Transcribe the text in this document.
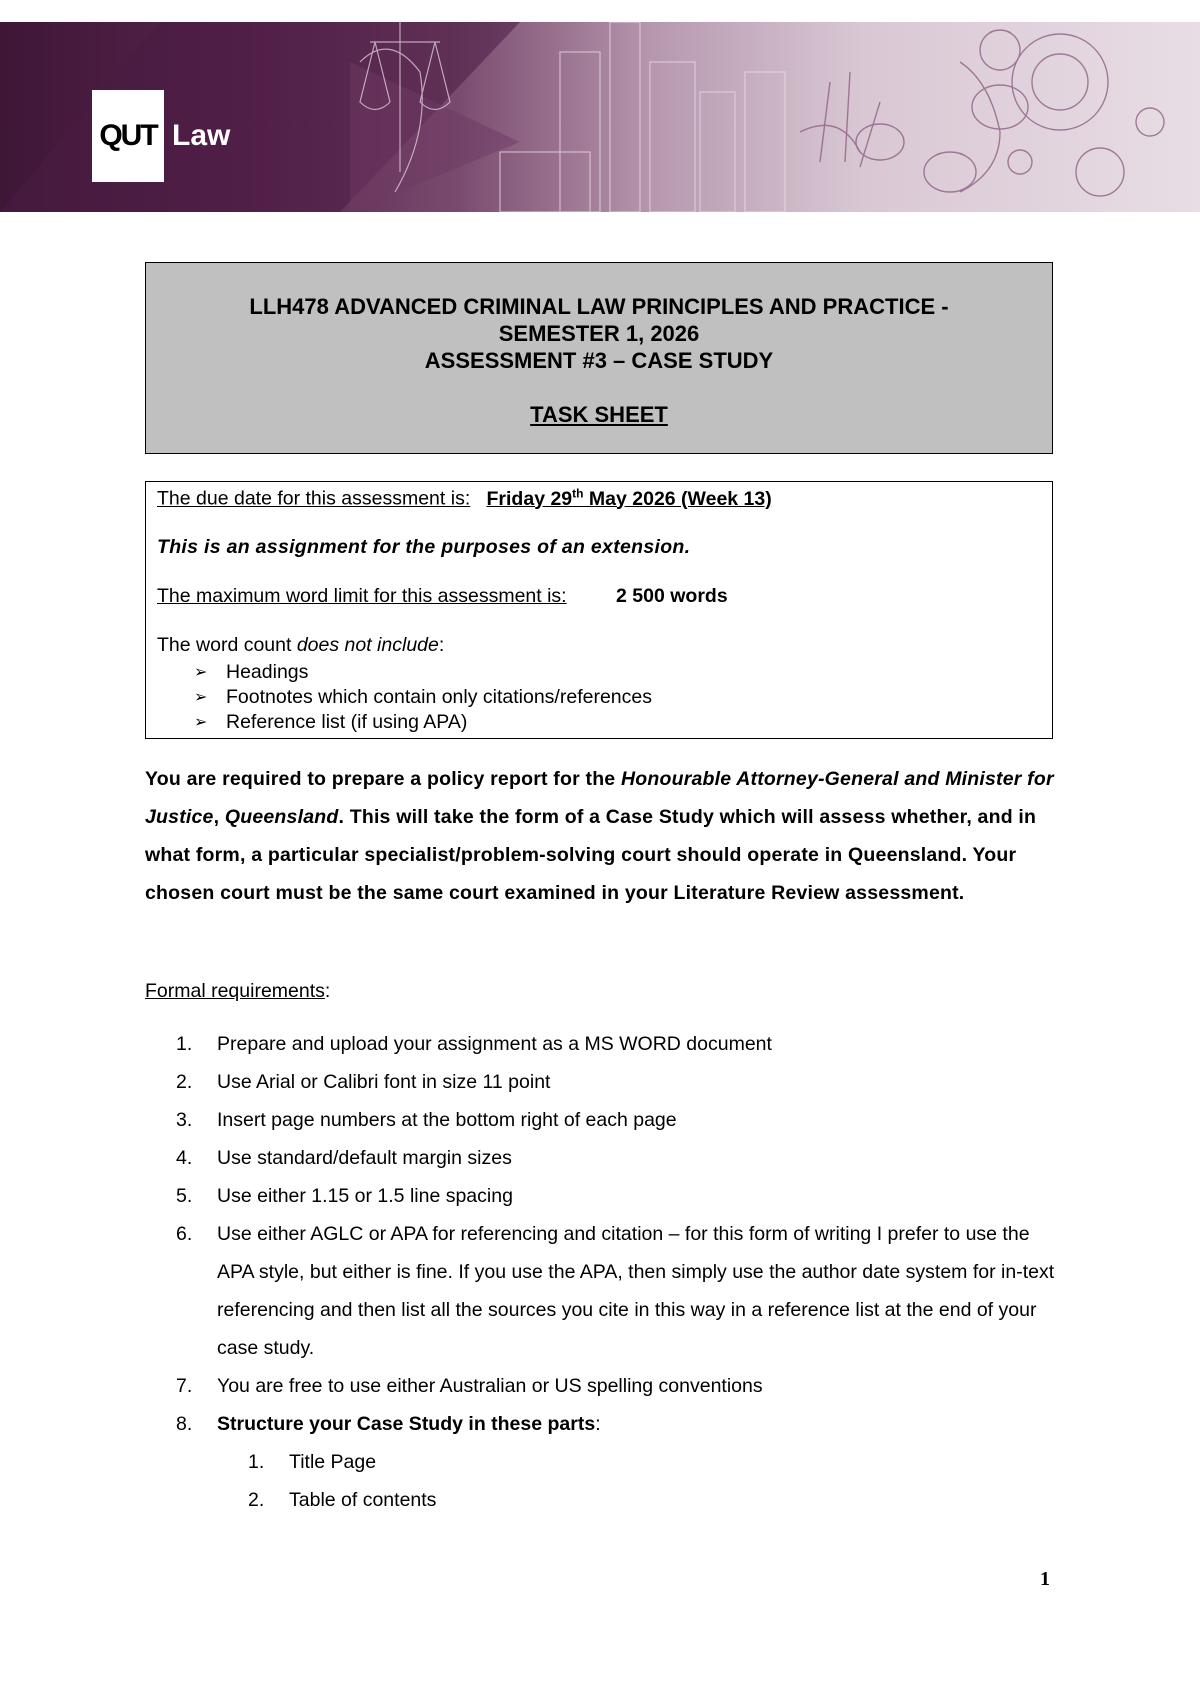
QUT Law
LLH478 ADVANCED CRIMINAL LAW PRINCIPLES AND PRACTICE -
SEMESTER 1, 2026
ASSESSMENT #3 – CASE STUDY
TASK SHEET
The due date for this assessment is: Friday 29th May 2026 (Week 13)
This is an assignment for the purposes of an extension.
The maximum word limit for this assessment is:	2 500 words
The word count does not include:
➢ Headings
➢ Footnotes which contain only citations/references
➢ Reference list (if using APA)
You are required to prepare a policy report for the Honourable Attorney-General and Minister for Justice, Queensland. This will take the form of a Case Study which will assess whether, and in what form, a particular specialist/problem-solving court should operate in Queensland. Your chosen court must be the same court examined in your Literature Review assessment.
Formal requirements:
1.	Prepare and upload your assignment as a MS WORD document
2.	Use Arial or Calibri font in size 11 point
3.	Insert page numbers at the bottom right of each page
4.	Use standard/default margin sizes
5.	Use either 1.15 or 1.5 line spacing
6.	Use either AGLC or APA for referencing and citation – for this form of writing I prefer to use the APA style, but either is fine. If you use the APA, then simply use the author date system for in-text referencing and then list all the sources you cite in this way in a reference list at the end of your case study.
7.	You are free to use either Australian or US spelling conventions
8.	Structure your Case Study in these parts:
1.	Title Page
2.	Table of contents
1
